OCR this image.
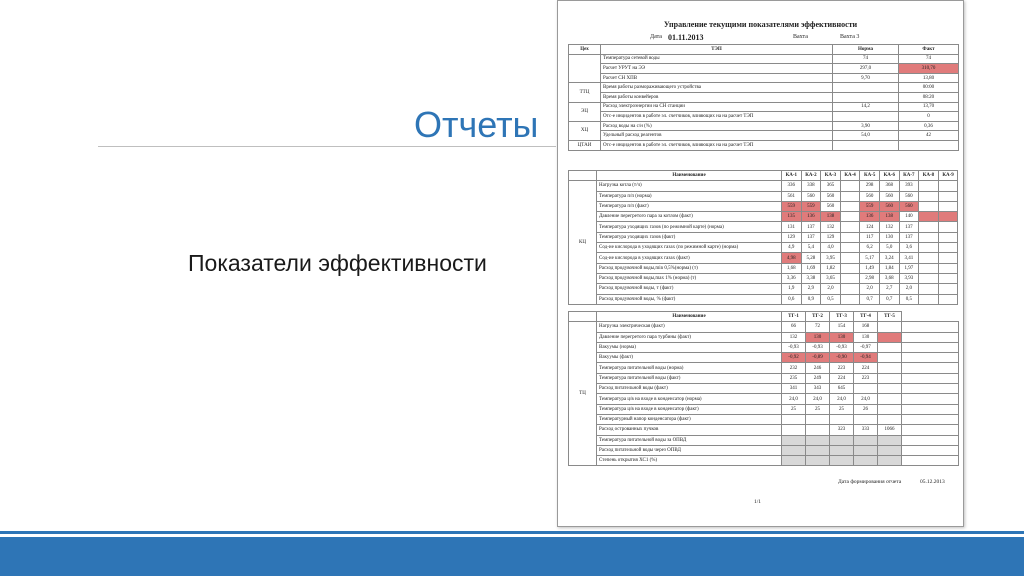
Отчеты
Показатели эффективности
Управление текущими показателями эффективности
Дата 01.11.2013	Вахта	Вахта 3
Цех	ТЭП	Норма	Факт
	Температура сетевой воды	74	74
	Расчет УРУТ на ЭЭ	297,0	310,70
	Расчет СН ХПВ	9,70	13,80
ТТЦ	Время работы размораживающего устройства		00:00
	Время работы конвейеров		08:20
ЭЦ	Расход электроэнергии на СН станции	14,2	13,70
	Отс-е инцидентов в работе эл. счетчиков, влияющих на на расчет ТЭП		0
ХЦ	Расход воды на с/н (%)	3,90	0,36
	Удельный расход реагентов	54,0	42
ЦТАИ	Отс-е инцидентов в работе эл. счетчиков, влияющих на на расчет ТЭП		
	Наименование	КА-1	КА-2	КА-3	КА-4	КА-5	КА-6	КА-7	КА-8	КА-9
КЦ	Нагрузка котла (т/ч)	336	338	365		298	368	393		
	Температура п/п (норма)	561	560	560		560	560	560		
	Температура п/п (факт)	559	559	560		559	560	560		
	Давление перегретого пара за котлом (факт)	135	136	138		136	138	140		
	Температура уходящих газов (по режимной карте) (норма)	131	137	132		124	132	137		
	Температура уходящих газов (факт)	129	137	129		117	130	137		
	Сод-ие кислорода в уходящих газах (по режимной карте) (норма)	4,9	5,4	4,0		6,2	5,0	3,6		
	Сод-ие кислорода в уходящих газах (факт)	4,98	5,28	3,95		5,17	3,24	3,41		
	Расход продувочной воды,min 0,5%(норма) (т)	1,68	1,69	1,82		1,49	1,84	1,97		
	Расход продувочной воды,max 1% (норма) (т)	3,36	3,38	3,65		2,98	3,68	3,93		
	Расход продувочной воды, т (факт)	1,9	2,9	2,0		2,0	2,7	2,0		
	Расход продувочной воды, % (факт)	0,6	0,9	0,5		0,7	0,7	0,5		
	Наименование	ТГ-1	ТГ-2	ТГ-3	ТГ-4	ТГ-5	
ТЦ	Нагрузка электрическая (факт)	66	72	154	168		
	Давление перегретого пара турбины (факт)	132	130	130	130		
	Вакуумы (норма)	-0,93	-0,93	-0,93	-0,97		
	Вакуумы (факт)	-0,92	-0,89	-0,90	-0,94		
	Температура питательной воды (норма)	232	246	223	224		
	Температура питательной воды (факт)	235	249	224	223		
	Расход питательной воды (факт)	341	343	645			
	Температура ц/в на входе в конденсатор (норма)	24,0	24,0	24,0	24,0		
	Температура ц/в на входе в конденсатор (факт)	25	25	25	26		
	Температурный напор конденсатора (факт)						
	Расход острованных пучков			323	333	1066	
	Температура питательной воды за ОПВД						
	Расход питательной воды через ОПВД						
	Степень открытия ХС1 (%)						
Дата формирования отчета	05.12.2013
1/1
